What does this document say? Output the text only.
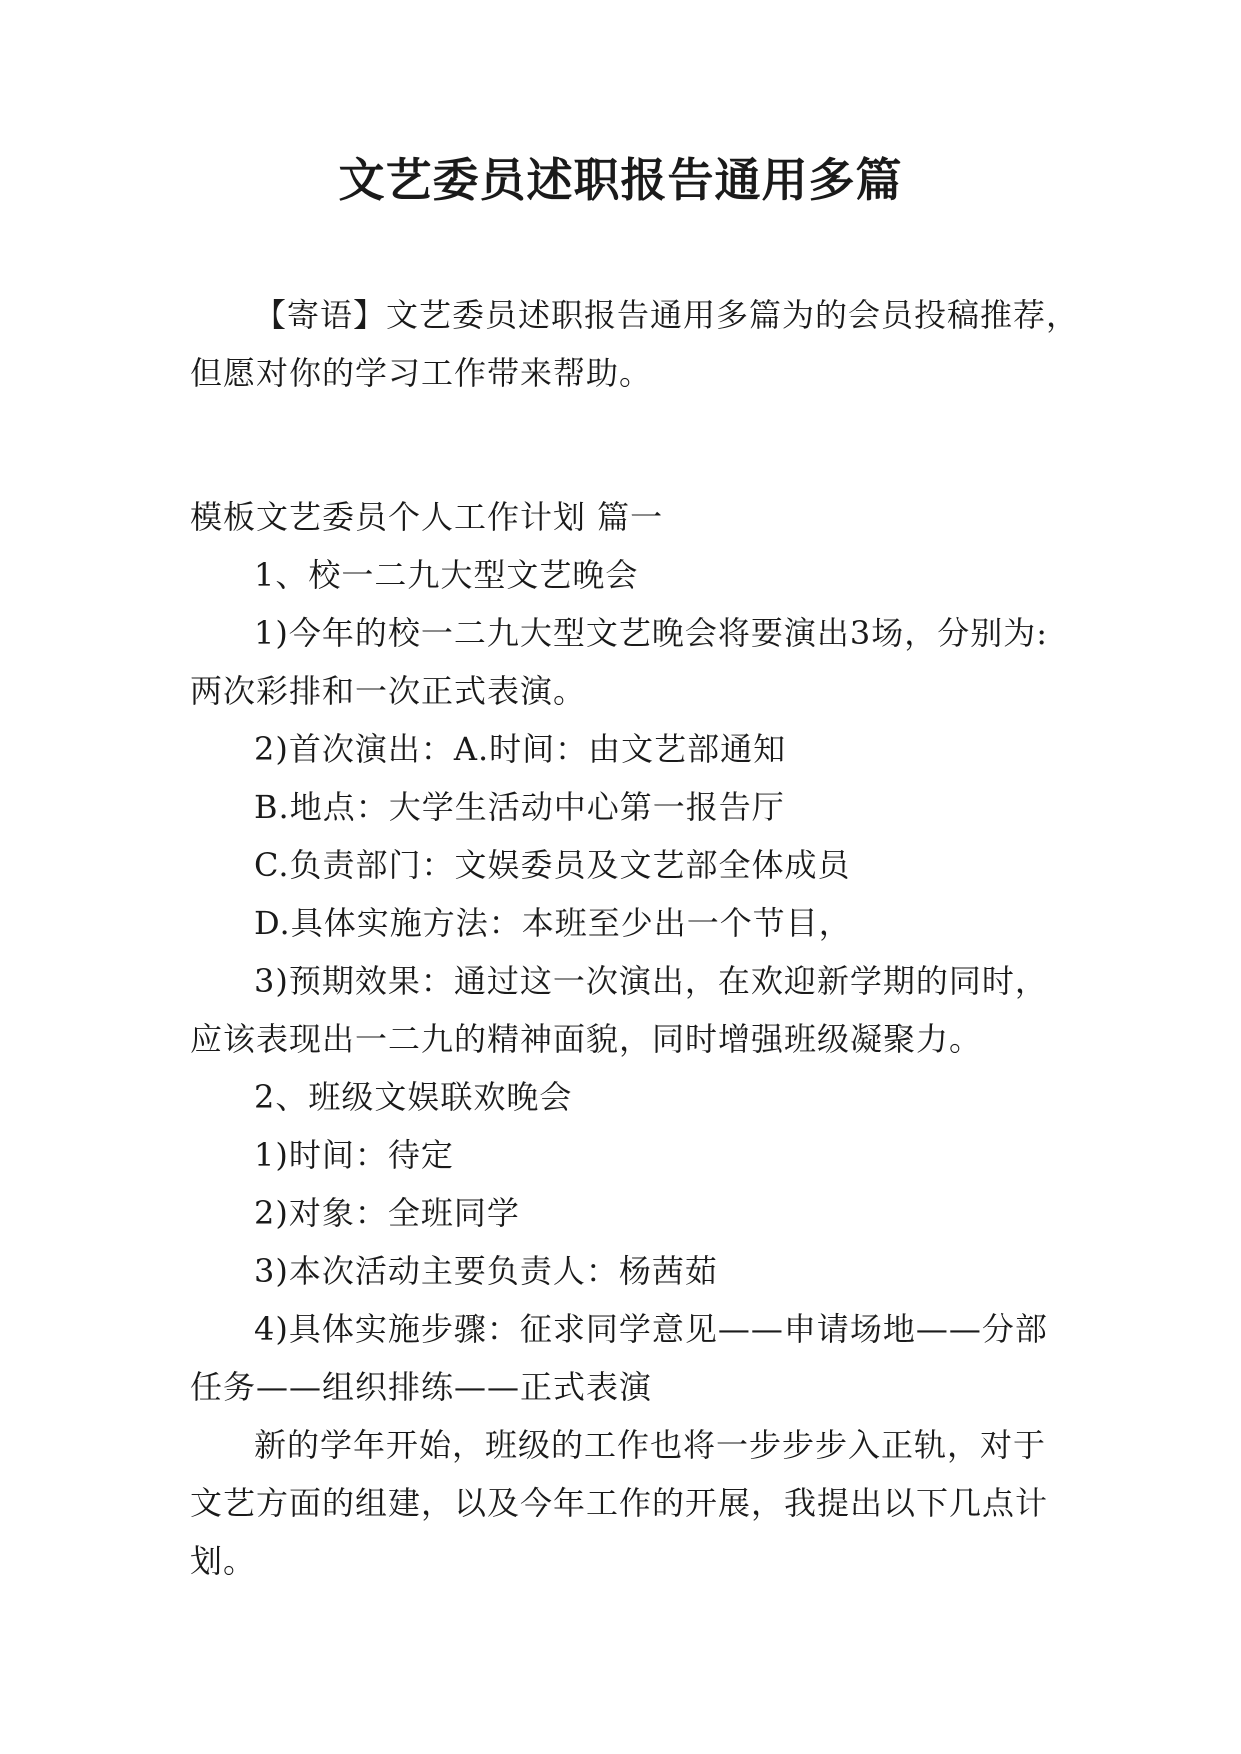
文艺委员述职报告通用多篇

【寄语】文艺委员述职报告通用多篇为的会员投稿推荐，

但愿对你的学习工作带来帮助。

模板文艺委员个人工作计划 篇一

1、校一二九大型文艺晚会

1)今年的校一二九大型文艺晚会将要演出3场，分别为:

两次彩排和一次正式表演。

2)首次演出：A.时间：由文艺部通知

B.地点：大学生活动中心第一报告厅

C.负责部门：文娱委员及文艺部全体成员

D.具体实施方法：本班至少出一个节目，

3)预期效果：通过这一次演出，在欢迎新学期的同时，

应该表现出一二九的精神面貌，同时增强班级凝聚力。

2、班级文娱联欢晚会

1)时间：待定

2)对象：全班同学

3)本次活动主要负责人：杨茜茹

4)具体实施步骤：征求同学意见——申请场地——分部

任务——组织排练——正式表演

新的学年开始，班级的工作也将一步步步入正轨，对于

文艺方面的组建，以及今年工作的开展，我提出以下几点计

划。
